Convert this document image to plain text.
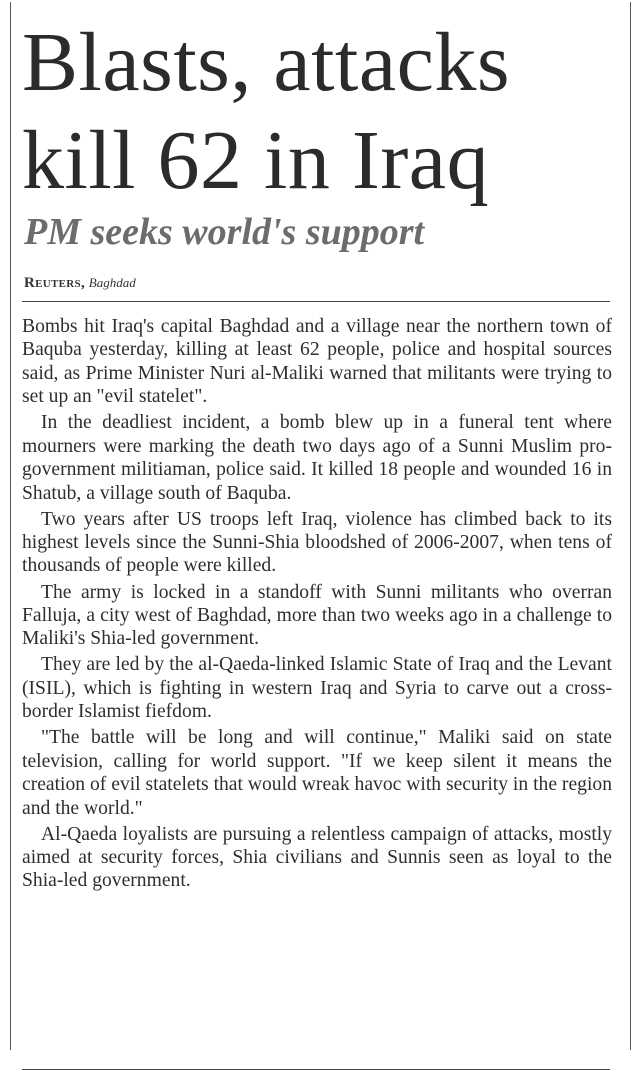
Blasts, attacks
kill 62 in Iraq
PM seeks world's support
Reuters, Baghdad

Bombs hit Iraq's capital Baghdad and a village near the northern town of Baquba yesterday, killing at least 62 people, police and hospital sources said, as Prime Minister Nuri al-Maliki warned that militants were trying to set up an "evil statelet".

In the deadliest incident, a bomb blew up in a funeral tent where mourners were marking the death two days ago of a Sunni Muslim pro-government militiaman, police said. It killed 18 people and wounded 16 in Shatub, a village south of Baquba.

Two years after US troops left Iraq, violence has climbed back to its highest levels since the Sunni-Shia bloodshed of 2006-2007, when tens of thousands of people were killed.

The army is locked in a standoff with Sunni militants who overran Falluja, a city west of Baghdad, more than two weeks ago in a challenge to Maliki's Shia-led government.

They are led by the al-Qaeda-linked Islamic State of Iraq and the Levant (ISIL), which is fighting in western Iraq and Syria to carve out a cross-border Islamist fiefdom.

"The battle will be long and will continue," Maliki said on state television, calling for world support. "If we keep silent it means the creation of evil statelets that would wreak havoc with security in the region and the world."

Al-Qaeda loyalists are pursuing a relentless campaign of attacks, mostly aimed at security forces, Shia civilians and Sunnis seen as loyal to the Shia-led government.
